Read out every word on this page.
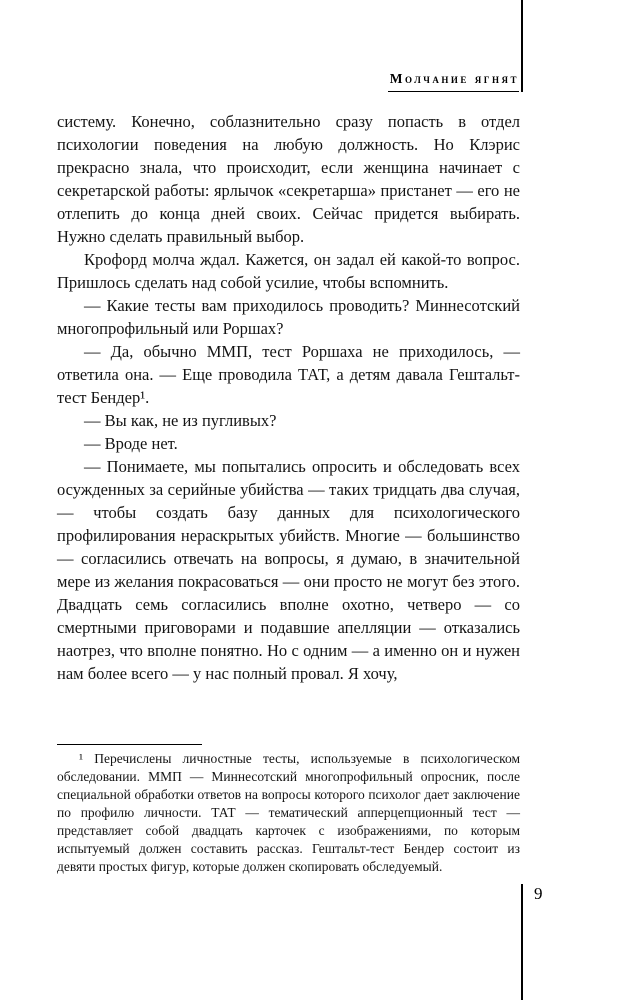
Молчание ягнят

систему. Конечно, соблазнительно сразу попасть в отдел психологии поведения на любую должность. Но Клэрис прекрасно знала, что происходит, если женщина начинает с секретарской работы: ярлычок «секретарша» пристанет — его не отлепить до конца дней своих. Сейчас придется выбирать. Нужно сделать правильный выбор.

Крофорд молча ждал. Кажется, он задал ей какой-то вопрос. Пришлось сделать над собой усилие, чтобы вспомнить.

— Какие тесты вам приходилось проводить? Миннесотский многопрофильный или Роршах?

— Да, обычно ММП, тест Роршаха не приходилось, — ответила она. — Еще проводила ТАТ, а детям давала Гештальт-тест Бендер¹.

— Вы как, не из пугливых?

— Вроде нет.

— Понимаете, мы попытались опросить и обследовать всех осужденных за серийные убийства — таких тридцать два случая, — чтобы создать базу данных для психологического профилирования нераскрытых убийств. Многие — большинство — согласились отвечать на вопросы, я думаю, в значительной мере из желания покрасоваться — они просто не могут без этого. Двадцать семь согласились вполне охотно, четверо — со смертными приговорами и подавшие апелляции — отказались наотрез, что вполне понятно. Но с одним — а именно он и нужен нам более всего — у нас полный провал. Я хочу,

¹ Перечислены личностные тесты, используемые в психологическом обследовании. ММП — Миннесотский многопрофильный опросник, после специальной обработки ответов на вопросы которого психолог дает заключение по профилю личности. ТАТ — тематический апперцепционный тест — представляет собой двадцать карточек с изображениями, по которым испытуемый должен составить рассказ. Гештальт-тест Бендер состоит из девяти простых фигур, которые должен скопировать обследуемый.

9
